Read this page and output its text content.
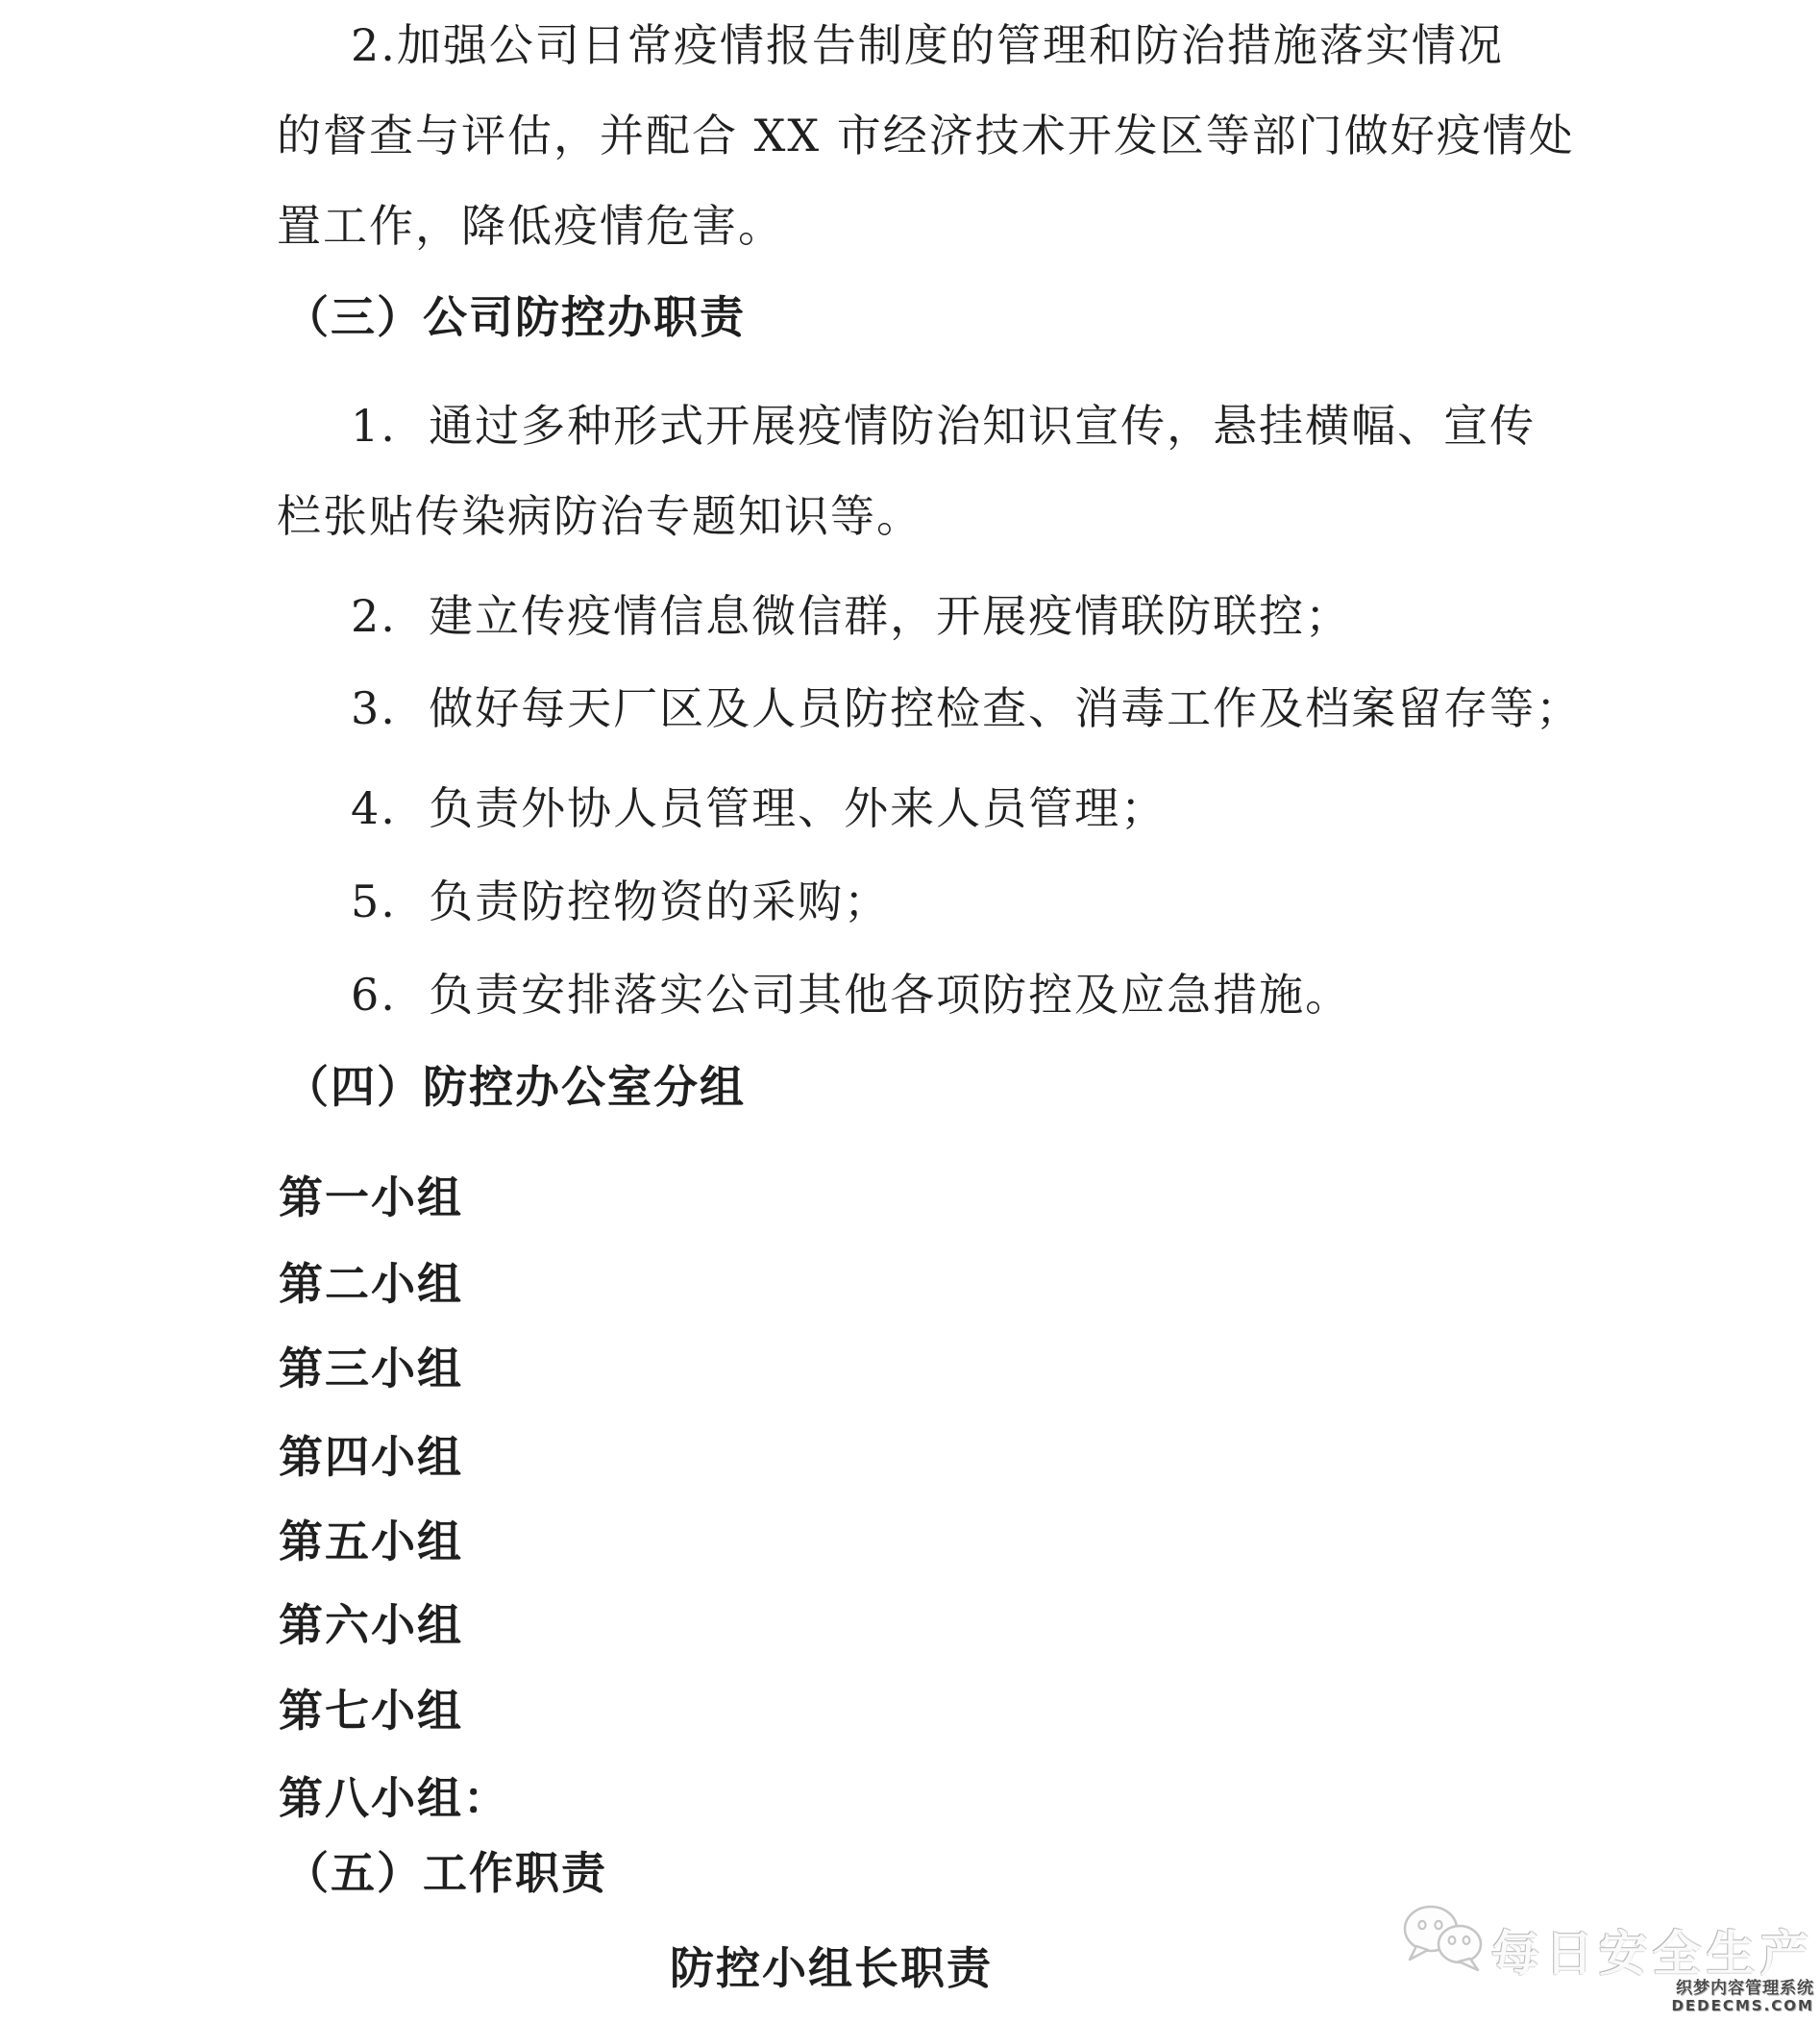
2.加强公司日常疫情报告制度的管理和防治措施落实情况
的督查与评估，并配合 XX 市经济技术开发区等部门做好疫情处
置工作，降低疫情危害。
（三）公司防控办职责
1.  通过多种形式开展疫情防治知识宣传，悬挂横幅、宣传
栏张贴传染病防治专题知识等。
2.  建立传疫情信息微信群，开展疫情联防联控；
3.  做好每天厂区及人员防控检查、消毒工作及档案留存等；
4.  负责外协人员管理、外来人员管理；
5.  负责防控物资的采购；
6.  负责安排落实公司其他各项防控及应急措施。
（四）防控办公室分组
第一小组
第二小组
第三小组
第四小组
第五小组
第六小组
第七小组
第八小组：
（五）工作职责
防控小组长职责	每日安全生产
织梦内容管理系统
DEDECMS.COM
